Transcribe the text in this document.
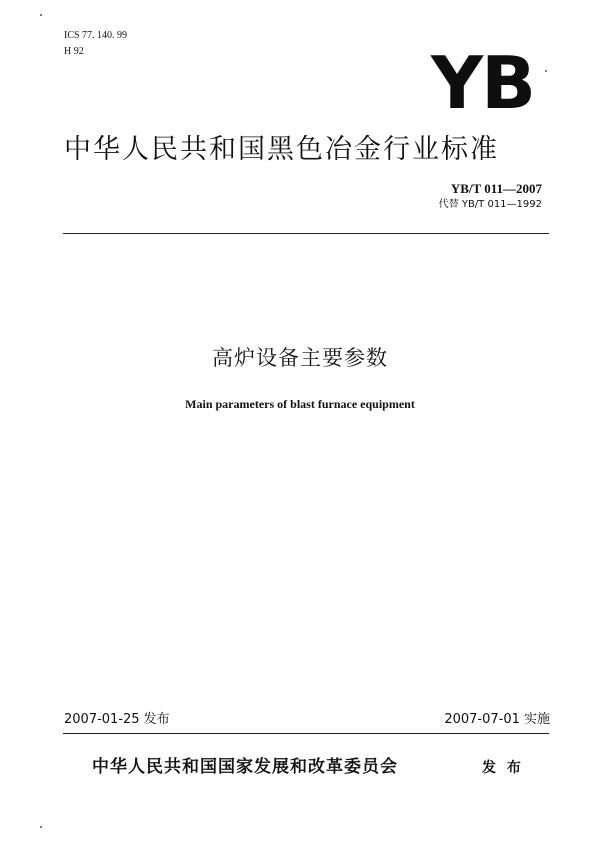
ICS 77. 140. 99
H 92	YB
中华人民共和国黑色冶金行业标准
YB/T 011—2007
代替 YB/T 011—1992
高炉设备主要参数
Main parameters of blast furnace equipment
2007-01-25 发布	2007-07-01 实施
中华人民共和国国家发展和改革委员会	发 布
